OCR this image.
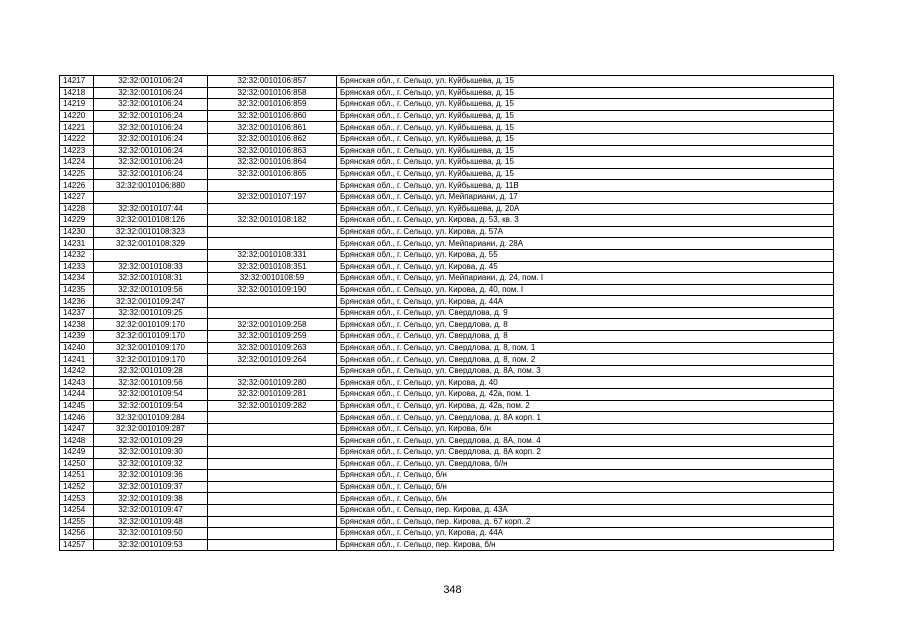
14217	32:32:0010106:24	32:32:0010106:857	Брянская обл., г. Сельцо, ул. Куйбышева, д. 15
14218	32:32:0010106:24	32:32:0010106:858	Брянская обл., г. Сельцо, ул. Куйбышева, д. 15
14219	32:32:0010106:24	32:32:0010106:859	Брянская обл., г. Сельцо, ул. Куйбышева, д. 15
14220	32:32:0010106:24	32:32:0010106:860	Брянская обл., г. Сельцо, ул. Куйбышева, д. 15
14221	32:32:0010106:24	32:32:0010106:861	Брянская обл., г. Сельцо, ул. Куйбышева, д. 15
14222	32:32:0010106:24	32:32:0010106:862	Брянская обл., г. Сельцо, ул. Куйбышева, д. 15
14223	32:32:0010106:24	32:32:0010106:863	Брянская обл., г. Сельцо, ул. Куйбышева, д. 15
14224	32:32:0010106:24	32:32:0010106:864	Брянская обл., г. Сельцо, ул. Куйбышева, д. 15
14225	32:32:0010106:24	32:32:0010106:865	Брянская обл., г. Сельцо, ул. Куйбышева, д. 15
14226	32:32:0010106:880		Брянская обл., г. Сельцо, ул. Куйбышева, д. 11В
14227		32:32:0010107:197	Брянская обл., г. Сельцо, ул. Мейпариани, д. 17
14228	32:32:0010107:44		Брянская обл., г. Сельцо, ул. Куйбышева, д. 20А
14229	32:32:0010108:126	32:32:0010108:182	Брянская обл., г. Сельцо, ул. Кирова, д. 53, кв. 3
14230	32:32:0010108:323		Брянская обл., г. Сельцо, ул. Кирова, д. 57А
14231	32:32:0010108:329		Брянская обл., г. Сельцо, ул. Мейпариани, д. 28А
14232		32:32:0010108:331	Брянская обл., г. Сельцо, ул. Кирова, д. 55
14233	32:32:0010108:33	32:32:0010108:351	Брянская обл., г. Сельцо, ул. Кирова, д. 45
14234	32:32:0010108:31	32:32:0010108:59	Брянская обл., г. Сельцо, ул. Мейпариани, д. 24, пом. I
14235	32:32:0010109:56	32:32:0010109:190	Брянская обл., г. Сельцо, ул. Кирова, д. 40, пом. I
14236	32:32:0010109:247		Брянская обл., г. Сельцо, ул. Кирова, д. 44А
14237	32:32:0010109:25		Брянская обл., г. Сельцо, ул. Свердлова, д. 9
14238	32:32:0010109:170	32:32:0010109:258	Брянская обл., г. Сельцо, ул. Свердлова, д. 8
14239	32:32:0010109:170	32:32:0010109:259	Брянская обл., г. Сельцо, ул. Свердлова, д. 8
14240	32:32:0010109:170	32:32:0010109:263	Брянская обл., г. Сельцо, ул. Свердлова, д. 8, пом. 1
14241	32:32:0010109:170	32:32:0010109:264	Брянская обл., г. Сельцо, ул. Свердлова, д. 8, пом. 2
14242	32:32:0010109:28		Брянская обл., г. Сельцо, ул. Свердлова, д. 8А, пом. 3
14243	32:32:0010109:56	32:32:0010109:280	Брянская обл., г. Сельцо, ул. Кирова, д. 40
14244	32:32:0010109:54	32:32:0010109:281	Брянская обл., г. Сельцо, ул. Кирова, д. 42а, пом. 1
14245	32:32:0010109:54	32:32:0010109:282	Брянская обл., г. Сельцо, ул. Кирова, д. 42а, пом. 2
14246	32:32:0010109:284		Брянская обл., г. Сельцо, ул. Свердлова, д. 8А корп. 1
14247	32:32:0010109:287		Брянская обл., г. Сельцо, ул. Кирова, б/н
14248	32:32:0010109:29		Брянская обл., г. Сельцо, ул. Свердлова, д. 8А, пом. 4
14249	32:32:0010109:30		Брянская обл., г. Сельцо, ул. Свердлова, д. 8А корп. 2
14250	32:32:0010109:32		Брянская обл., г. Сельцо, ул. Свердлова, б//н
14251	32:32:0010109:36		Брянская обл., г. Сельцо, б/н
14252	32:32:0010109:37		Брянская обл., г. Сельцо, б/н
14253	32:32:0010109:38		Брянская обл., г. Сельцо, б/н
14254	32:32:0010109:47		Брянская обл., г. Сельцо, пер. Кирова, д. 43А
14255	32:32:0010109:48		Брянская обл., г. Сельцо, пер. Кирова, д. 67 корп. 2
14256	32:32:0010109:50		Брянская обл., г. Сельцо, ул. Кирова, д. 44А
14257	32:32:0010109:53		Брянская обл., г. Сельцо, пер. Кирова, б/н
348
